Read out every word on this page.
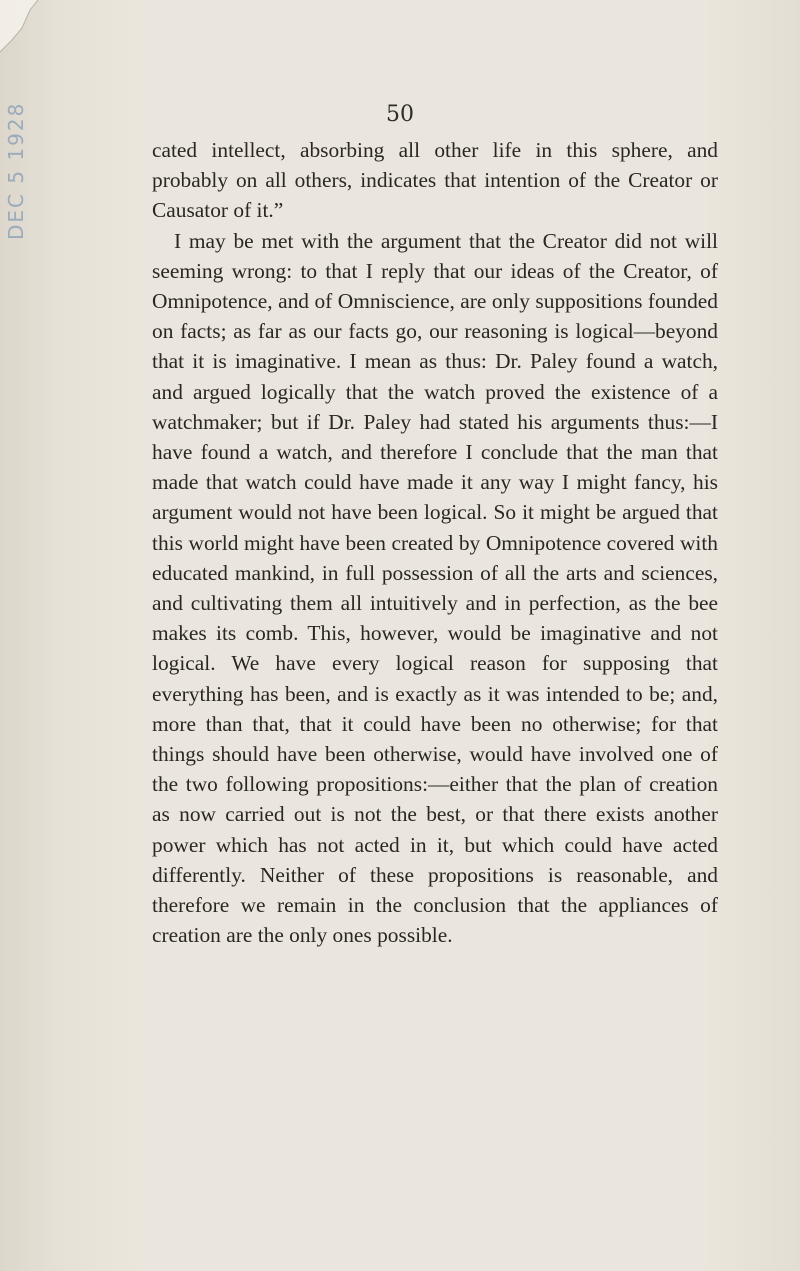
DEC 5 1928	50

cated intellect, absorbing all other life in this sphere, and probably on all others, indicates that intention of the Creator or Causator of it.”

I may be met with the argument that the Creator did not will seeming wrong: to that I reply that our ideas of the Creator, of Omnipotence, and of Omniscience, are only suppositions founded on facts; as far as our facts go, our reasoning is logical—beyond that it is imaginative. I mean as thus: Dr. Paley found a watch, and argued logically that the watch proved the existence of a watchmaker; but if Dr. Paley had stated his arguments thus:—I have found a watch, and therefore I conclude that the man that made that watch could have made it any way I might fancy, his argument would not have been logical. So it might be argued that this world might have been created by Omnipotence covered with educated mankind, in full possession of all the arts and sciences, and cultivating them all intuitively and in perfection, as the bee makes its comb. This, however, would be imaginative and not logical. We have every logical reason for supposing that everything has been, and is exactly as it was intended to be; and, more than that, that it could have been no otherwise; for that things should have been otherwise, would have involved one of the two following propositions:—either that the plan of creation as now carried out is not the best, or that there exists another power which has not acted in it, but which could have acted differently. Neither of these propositions is reasonable, and therefore we remain in the conclusion that the appliances of creation are the only ones possible.
